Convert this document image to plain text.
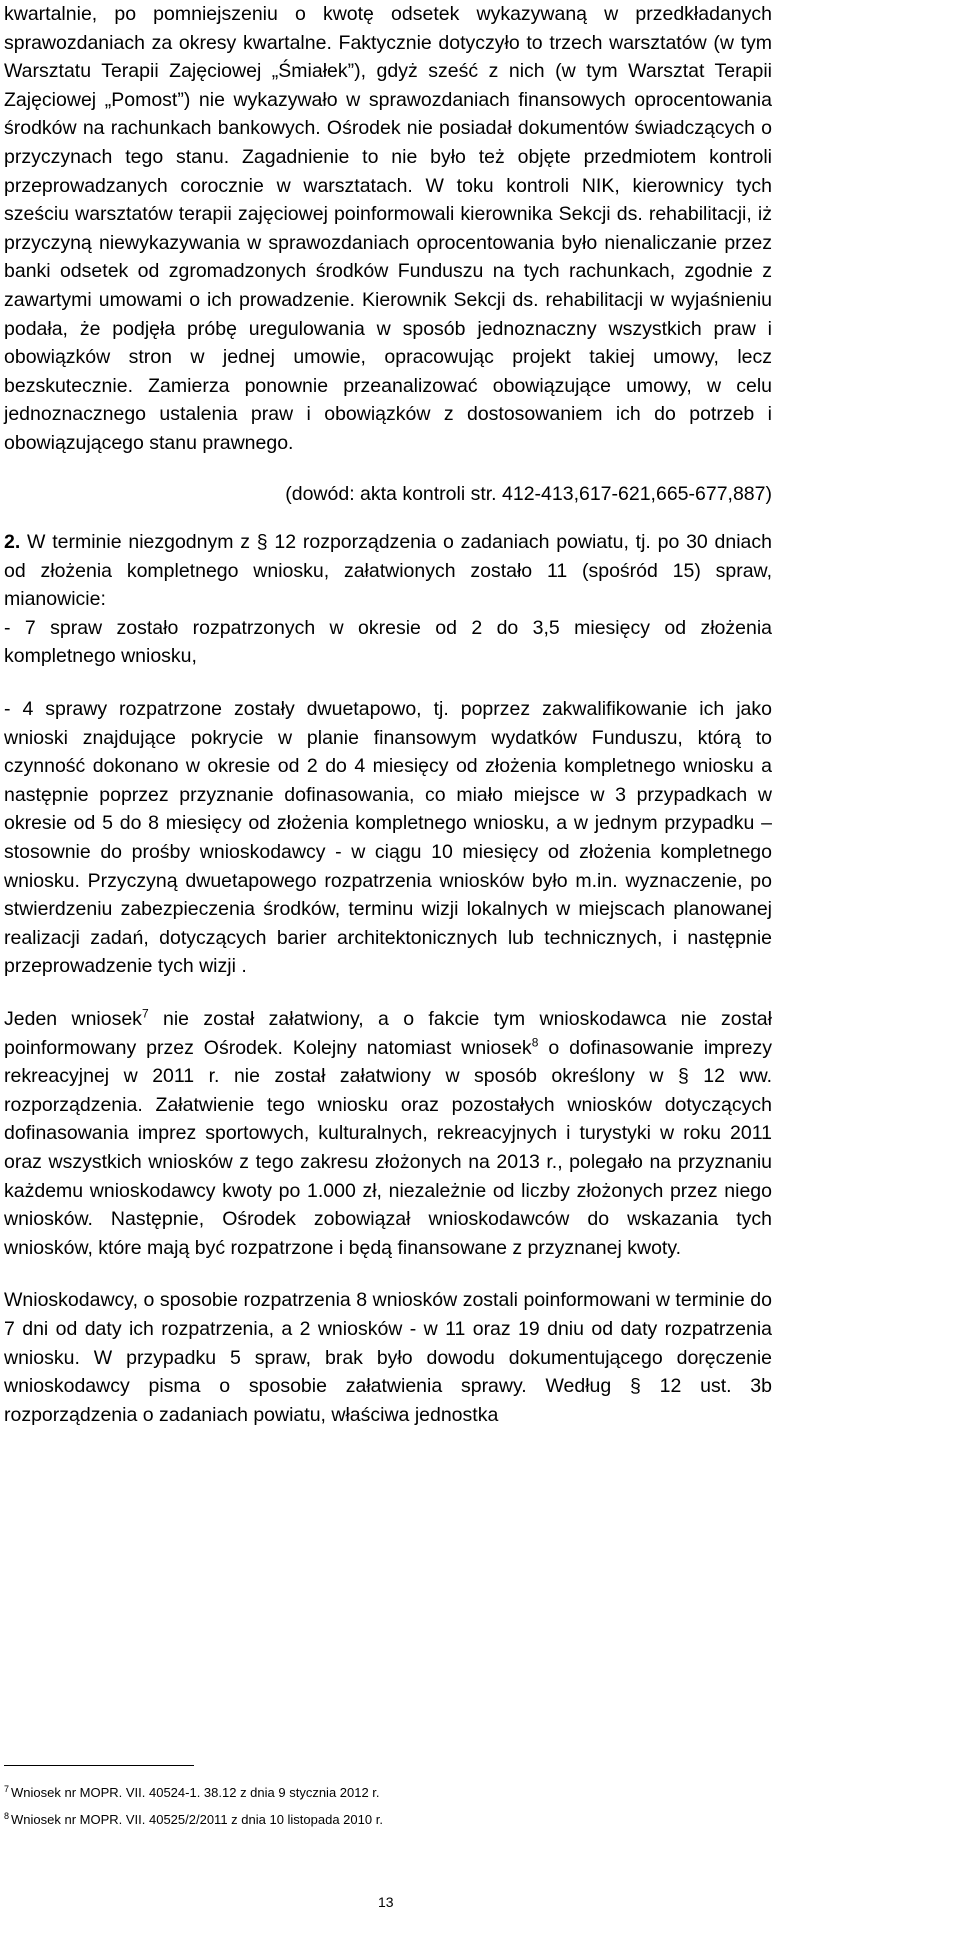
kwartalnie, po pomniejszeniu o kwotę odsetek wykazywaną w przedkładanych sprawozdaniach za okresy kwartalne. Faktycznie dotyczyło to trzech warsztatów (w tym Warsztatu Terapii Zajęciowej „Śmiałek”), gdyż sześć z nich (w tym Warsztat Terapii Zajęciowej „Pomost”) nie wykazywało w sprawozdaniach finansowych oprocentowania środków na rachunkach bankowych. Ośrodek nie posiadał dokumentów świadczących o przyczynach tego stanu. Zagadnienie to nie było też objęte przedmiotem kontroli przeprowadzanych corocznie w warsztatach. W toku kontroli NIK, kierownicy tych sześciu warsztatów terapii zajęciowej poinformowali kierownika Sekcji ds. rehabilitacji, iż przyczyną niewykazywania w sprawozdaniach oprocentowania było nienaliczanie przez banki odsetek od zgromadzonych środków Funduszu na tych rachunkach, zgodnie z zawartymi umowami o ich prowadzenie. Kierownik Sekcji ds. rehabilitacji w wyjaśnieniu podała, że podjęła próbę uregulowania w sposób jednoznaczny wszystkich praw i obowiązków stron w jednej umowie, opracowując projekt takiej umowy, lecz bezskutecznie. Zamierza ponownie przeanalizować obowiązujące umowy, w celu jednoznacznego ustalenia praw i obowiązków z dostosowaniem ich do potrzeb i obowiązującego stanu prawnego.

(dowód: akta kontroli str. 412-413,617-621,665-677,887)

2. W terminie niezgodnym z § 12 rozporządzenia o zadaniach powiatu, tj. po 30 dniach od złożenia kompletnego wniosku, załatwionych zostało 11 (spośród 15) spraw, mianowicie:

- 7 spraw zostało rozpatrzonych w okresie od 2 do 3,5 miesięcy od złożenia kompletnego wniosku,

- 4 sprawy rozpatrzone zostały dwuetapowo, tj. poprzez zakwalifikowanie ich jako wnioski znajdujące pokrycie w planie finansowym wydatków Funduszu, którą to czynność dokonano w okresie od 2 do 4 miesięcy od złożenia kompletnego wniosku a następnie poprzez przyznanie dofinasowania, co miało miejsce w 3 przypadkach w okresie od 5 do 8 miesięcy od złożenia kompletnego wniosku, a w jednym przypadku – stosownie do prośby wnioskodawcy - w ciągu 10 miesięcy od złożenia kompletnego wniosku. Przyczyną dwuetapowego rozpatrzenia wniosków było m.in. wyznaczenie, po stwierdzeniu zabezpieczenia środków, terminu wizji lokalnych w miejscach planowanej realizacji zadań, dotyczących barier architektonicznych lub technicznych, i następnie przeprowadzenie tych wizji .

Jeden wniosek$^7$ nie został załatwiony, a o fakcie tym wnioskodawca nie został poinformowany przez Ośrodek. Kolejny natomiast wniosek$^8$ o dofinasowanie imprezy rekreacyjnej w 2011 r. nie został załatwiony w sposób określony w § 12 ww. rozporządzenia. Załatwienie tego wniosku oraz pozostałych wniosków dotyczących dofinasowania imprez sportowych, kulturalnych, rekreacyjnych i turystyki w roku 2011 oraz wszystkich wniosków z tego zakresu złożonych na 2013 r., polegało na przyznaniu każdemu wnioskodawcy kwoty po 1.000 zł, niezależnie od liczby złożonych przez niego wniosków. Następnie, Ośrodek zobowiązał wnioskodawców do wskazania tych wniosków, które mają być rozpatrzone i będą finansowane z przyznanej kwoty.

Wnioskodawcy, o sposobie rozpatrzenia 8 wniosków zostali poinformowani w terminie do 7 dni od daty ich rozpatrzenia, a 2 wniosków - w 11 oraz 19 dniu od daty rozpatrzenia wniosku. W przypadku 5 spraw, brak było dowodu dokumentującego doręczenie wnioskodawcy pisma o sposobie załatwienia sprawy. Według § 12 ust. 3b rozporządzenia o zadaniach powiatu, właściwa jednostka

$^7$ Wniosek nr MOPR. VII. 40524-1. 38.12 z dnia 9 stycznia 2012 r.
$^8$ Wniosek nr MOPR. VII. 40525/2/2011 z dnia 10 listopada 2010 r.
13
